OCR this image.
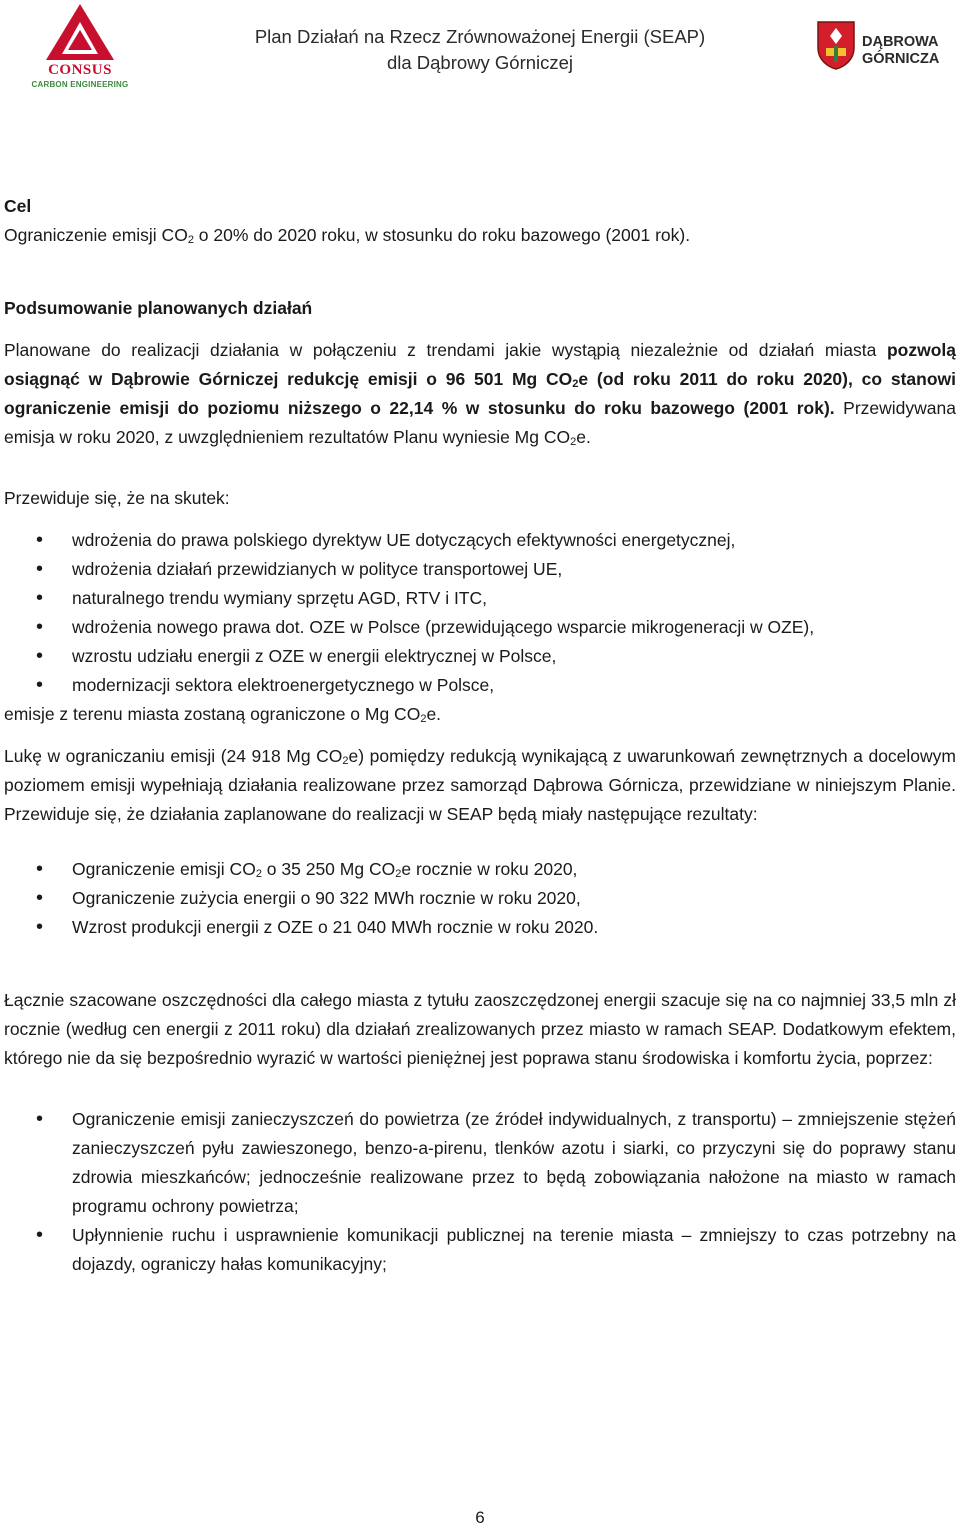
CONSUS
CARBON ENGINEERING
Plan Działań na Rzecz Zrównoważonej Energii (SEAP)
dla Dąbrowy Górniczej
DĄBROWA
GÓRNICZA

Cel

Ograniczenie emisji $CO_2$ o 20% do 2020 roku, w stosunku do roku bazowego (2001 rok).

Podsumowanie planowanych działań

Planowane do realizacji działania w połączeniu z trendami jakie wystąpią niezależnie od działań miasta pozwolą osiągnąć w Dąbrowie Górniczej redukcję emisji o 96 501 Mg $CO_2e$ (od roku 2011 do roku 2020), co stanowi ograniczenie emisji do poziomu niższego o 22,14 % w stosunku do roku bazowego (2001 rok). Przewidywana emisja w roku 2020, z uwzględnieniem rezultatów Planu wyniesie Mg $CO_2e$.

Przewiduje się, że na skutek:

• wdrożenia do prawa polskiego dyrektyw UE dotyczących efektywności energetycznej,
• wdrożenia działań przewidzianych w polityce transportowej UE,
• naturalnego trendu wymiany sprzętu AGD, RTV i ITC,
• wdrożenia nowego prawa dot. OZE w Polsce (przewidującego wsparcie mikrogeneracji w OZE),
• wzrostu udziału energii z OZE w energii elektrycznej w Polsce,
• modernizacji sektora elektroenergetycznego w Polsce,

emisje z terenu miasta zostaną ograniczone o Mg $CO_2e$.

Lukę w ograniczaniu emisji (24 918 Mg $CO_2e$) pomiędzy redukcją wynikającą z uwarunkowań zewnętrznych a docelowym poziomem emisji wypełniają działania realizowane przez samorząd Dąbrowa Górnicza, przewidziane w niniejszym Planie. Przewiduje się, że działania zaplanowane do realizacji w SEAP będą miały następujące rezultaty:

• Ograniczenie emisji $CO_2$ o 35 250 Mg $CO_2e$ rocznie w roku 2020,
• Ograniczenie zużycia energii o 90 322 MWh rocznie w roku 2020,
• Wzrost produkcji energii z OZE o 21 040 MWh rocznie w roku 2020.

Łącznie szacowane oszczędności dla całego miasta z tytułu zaoszczędzonej energii szacuje się na co najmniej 33,5 mln zł rocznie (według cen energii z 2011 roku) dla działań zrealizowanych przez miasto w ramach SEAP. Dodatkowym efektem, którego nie da się bezpośrednio wyrazić w wartości pieniężnej jest poprawa stanu środowiska i komfortu życia, poprzez:

• Ograniczenie emisji zanieczyszczeń do powietrza (ze źródeł indywidualnych, z transportu) – zmniejszenie stężeń zanieczyszczeń pyłu zawieszonego, benzo-a-pirenu, tlenków azotu i siarki, co przyczyni się do poprawy stanu zdrowia mieszkańców; jednocześnie realizowane przez to będą zobowiązania nałożone na miasto w ramach programu ochrony powietrza;
• Upłynnienie ruchu i usprawnienie komunikacji publicznej na terenie miasta – zmniejszy to czas potrzebny na dojazdy, ograniczy hałas komunikacyjny;
6
